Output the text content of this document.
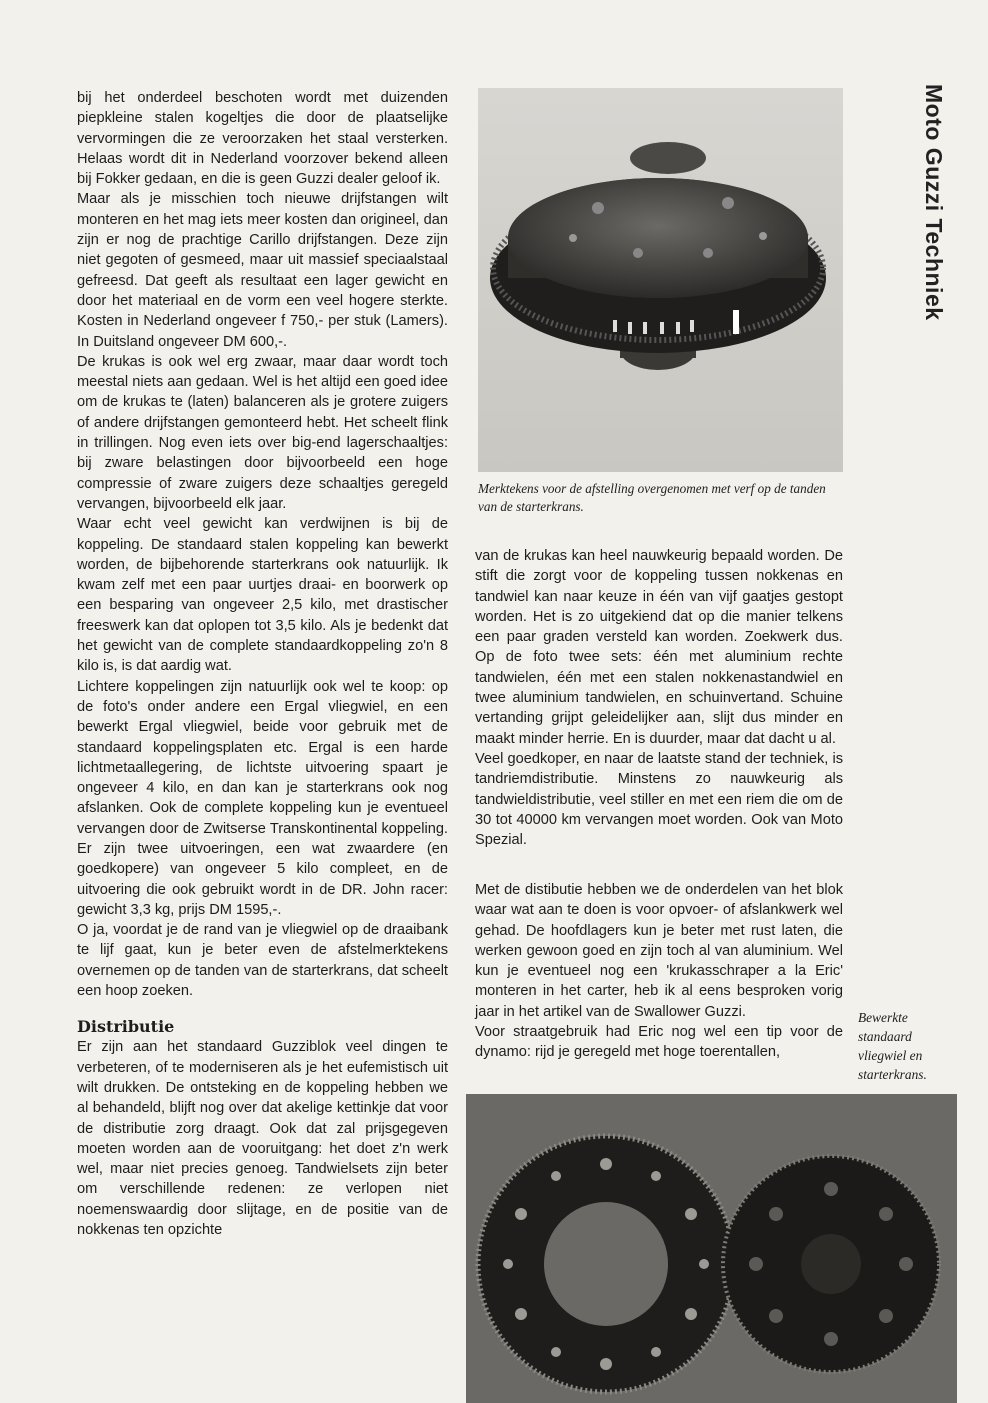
Moto Guzzi Techniek

bij het onderdeel beschoten wordt met duizenden piepkleine stalen kogeltjes die door de plaatselijke vervormingen die ze veroorzaken het staal versterken. Helaas wordt dit in Nederland voorzover bekend alleen bij Fokker gedaan, en die is geen Guzzi dealer geloof ik.

Maar als je misschien toch nieuwe drijfstangen wilt monteren en het mag iets meer kosten dan origineel, dan zijn er nog de prachtige Carillo drijfstangen. Deze zijn niet gegoten of gesmeed, maar uit massief speciaalstaal gefreesd. Dat geeft als resultaat een lager gewicht en door het materiaal en de vorm een veel hogere sterkte. Kosten in Nederland ongeveer f 750,- per stuk (Lamers). In Duitsland ongeveer DM 600,-.

De krukas is ook wel erg zwaar, maar daar wordt toch meestal niets aan gedaan. Wel is het altijd een goed idee om de krukas te (laten) balanceren als je grotere zuigers of andere drijfstangen gemonteerd hebt. Het scheelt flink in trillingen. Nog even iets over big-end lagerschaaltjes: bij zware belastingen door bijvoorbeeld een hoge compressie of zware zuigers deze schaaltjes geregeld vervangen, bijvoorbeeld elk jaar.

Waar echt veel gewicht kan verdwijnen is bij de koppeling. De standaard stalen koppeling kan bewerkt worden, de bijbehorende starterkrans ook natuurlijk. Ik kwam zelf met een paar uurtjes draai- en boorwerk op een besparing van ongeveer 2,5 kilo, met drastischer freeswerk kan dat oplopen tot 3,5 kilo. Als je bedenkt dat het gewicht van de complete standaardkoppeling zo'n 8 kilo is, is dat aardig wat.

Lichtere koppelingen zijn natuurlijk ook wel te koop: op de foto's onder andere een Ergal vliegwiel, en een bewerkt Ergal vliegwiel, beide voor gebruik met de standaard koppelingsplaten etc. Ergal is een harde lichtmetaallegering, de lichtste uitvoering spaart je ongeveer 4 kilo, en dan kan je starterkrans ook nog afslanken. Ook de complete koppeling kun je eventueel vervangen door de Zwitserse Transkontinental koppeling. Er zijn twee uitvoeringen, een wat zwaardere (en goedkopere) van ongeveer 5 kilo compleet, en de uitvoering die ook gebruikt wordt in de DR. John racer: gewicht 3,3 kg, prijs DM 1595,-.

O ja, voordat je de rand van je vliegwiel op de draaibank te lijf gaat, kun je beter even de afstelmerktekens overnemen op de tanden van de starterkrans, dat scheelt een hoop zoeken.

Distributie

Er zijn aan het standaard Guzziblok veel dingen te verbeteren, of te moderniseren als je het eufemistisch uit wilt drukken. De ontsteking en de koppeling hebben we al behandeld, blijft nog over dat akelige kettinkje dat voor de distributie zorg draagt. Ook dat zal prijsgegeven moeten worden aan de vooruitgang: het doet z'n werk wel, maar niet precies genoeg. Tandwielsets zijn beter om verschillende redenen: ze verlopen niet noemenswaardig door slijtage, en de positie van de nokkenas ten opzichte

Merktekens voor de afstelling overgenomen met verf op de tanden van de starterkrans.

van de krukas kan heel nauwkeurig bepaald worden. De stift die zorgt voor de koppeling tussen nokkenas en tandwiel kan naar keuze in één van vijf gaatjes gestopt worden. Het is zo uitgekiend dat op die manier telkens een paar graden versteld kan worden. Zoekwerk dus. Op de foto twee sets: één met aluminium rechte tandwielen, één met een stalen nokkenastandwiel en twee aluminium tandwielen, en schuinvertand. Schuine vertanding grijpt geleidelijker aan, slijt dus minder en maakt minder herrie. En is duurder, maar dat dacht u al.

Veel goedkoper, en naar de laatste stand der techniek, is tandriemdistributie. Minstens zo nauwkeurig als tandwieldistributie, veel stiller en met een riem die om de 30 tot 40000 km vervangen moet worden. Ook van Moto Spezial.

Met de distibutie hebben we de onderdelen van het blok waar wat aan te doen is voor opvoer- of afslankwerk wel gehad. De hoofdlagers kun je beter met rust laten, die werken gewoon goed en zijn toch al van aluminium. Wel kun je eventueel nog een 'krukasschraper a la Eric' monteren in het carter, heb ik al eens besproken vorig jaar in het artikel van de Swallower Guzzi.

Voor straatgebruik had Eric nog wel een tip voor de dynamo: rijd je geregeld met hoge toerentallen,

Bewerkte
standaard
vliegwiel en
starterkrans.
